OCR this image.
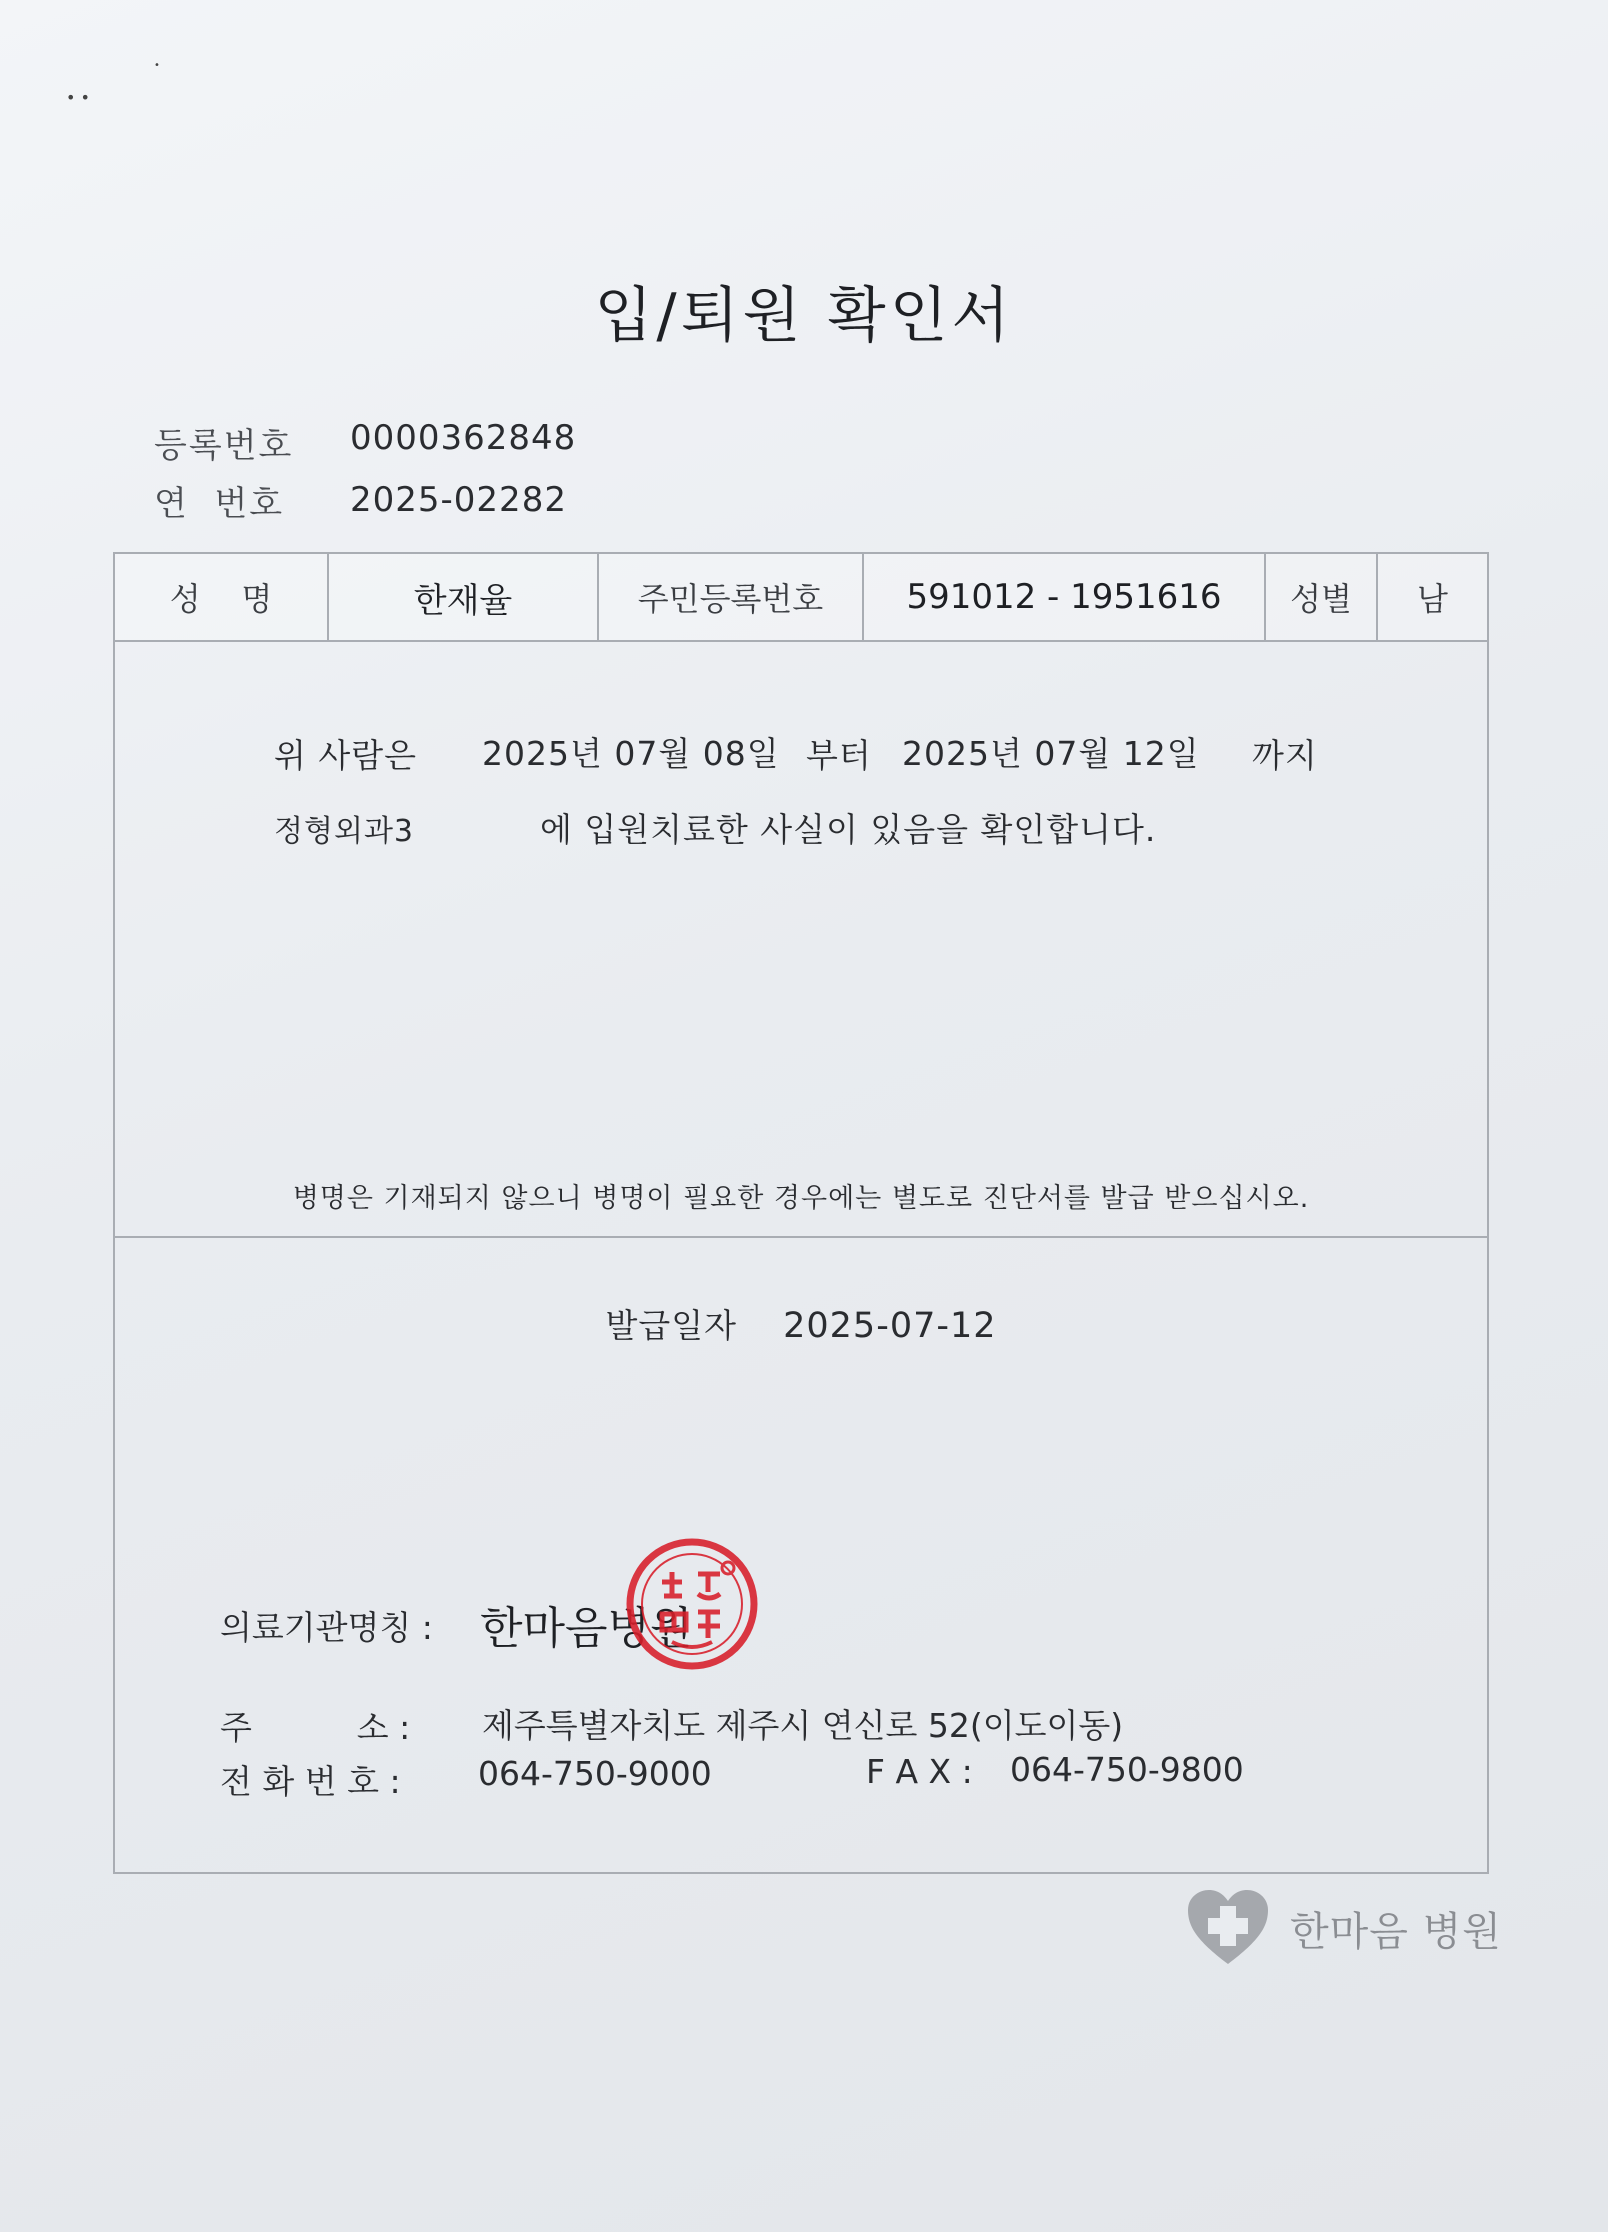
• •
•
입/퇴원 확인서
등록번호 0000362848
연  번호 2025-02282
성    명	한재율	주민등록번호	591012 - 1951616	성별	남
위 사람은 2025년 07월 08일 부터 2025년 07월 12일 까지
정형외과3	에 입원치료한 사실이 있음을 확인합니다.
병명은 기재되지 않으니 병명이 필요한 경우에는 별도로 진단서를 발급 받으십시오.
발급일자 2025-07-12
의료기관명칭 : 한마음병원
주          소 : 제주특별자치도 제주시 연신로 52(이도이동)
전 화 번 호 : 064-750-9000	F A X : 064-750-9800
한마음 병원
